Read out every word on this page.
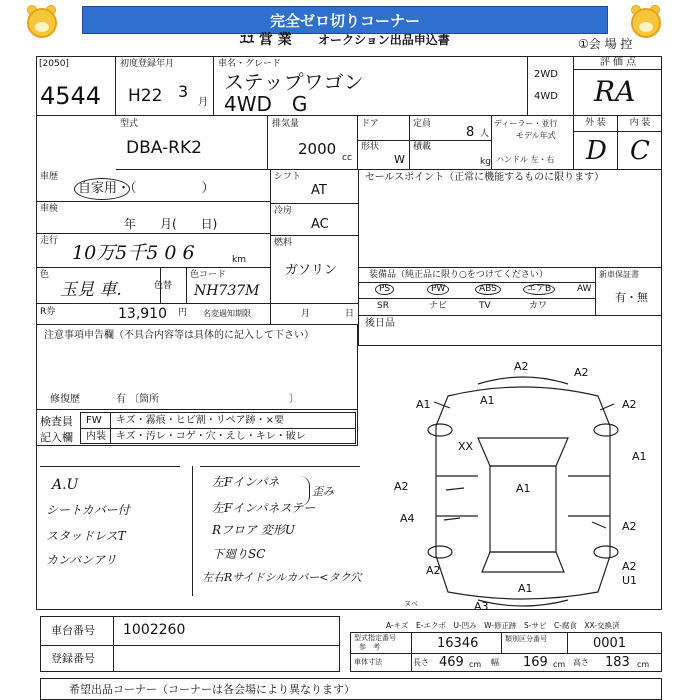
完全ゼロ切りコーナー
ﾕﾕ 営 業 オークション出品申込書	①会 場 控
[2050]
4544
初度登録年月
H22 3
月
車名・グレード
ステップワゴン
4WD　G
2WD
4WD
評 価 点
RA
型式
DBA-RK2
排気量
2000 cc
ドア
形状
W
定員
8 人
積載
kg
ディーラー・並行
モデル年式
ハンドル 左・右
外 装	内 装
D C
車歴
自家用・（　　　　　）
車検
年　　月(　　日)
走行
10万5千5 0 6	km
色
玉見 車.	色替
色コード
NH737M
R券	13,910 円
シフト
AT
冷房
AC
燃料
ガソリン
名変過知期限	月	日
セールスポイント（正常に機能するものに限ります）
装備品（純正品に限り○をつけてください）	新車保証書
有・無
PS	PW	ABS	エアB	AW
SR	ナビ	TV	カワ
後日品
注意事項申告欄（不具合内容等は具体的に記入して下さい）
修復歴	有 〔箇所　　　　　　　　　　　　　〕
検査員
記入欄
FW
内装
キズ・霧痕・ヒビ割・リペア跡・×要
キズ・汚レ・コゲ・穴・えし・キレ・破レ
A.U
シートカバー付
スタッドレスT
カンバンアリ
左Fインパネ
左Fインパネステー
Rフロア 変形U
下廻りSC
左右Rサイドシルカバー<タク穴
歪み
A2	A2
A1	A2
A1
XX
A1
A1
A2
A4
A2
A2
U1
A2
A3
A1
ヌベ
A-キズ　E-エクボ　U-凹み　W-修正跡　S-サビ　C-腐食　XX-交換済
車台番号 1002260
登録番号
型式指定番号
参　考	16346	類別区分番号	0001
車体寸法	長さ 469 cm 幅 169 cm 高さ 183 cm
希望出品コーナー（コーナーは各会場により異なります）
